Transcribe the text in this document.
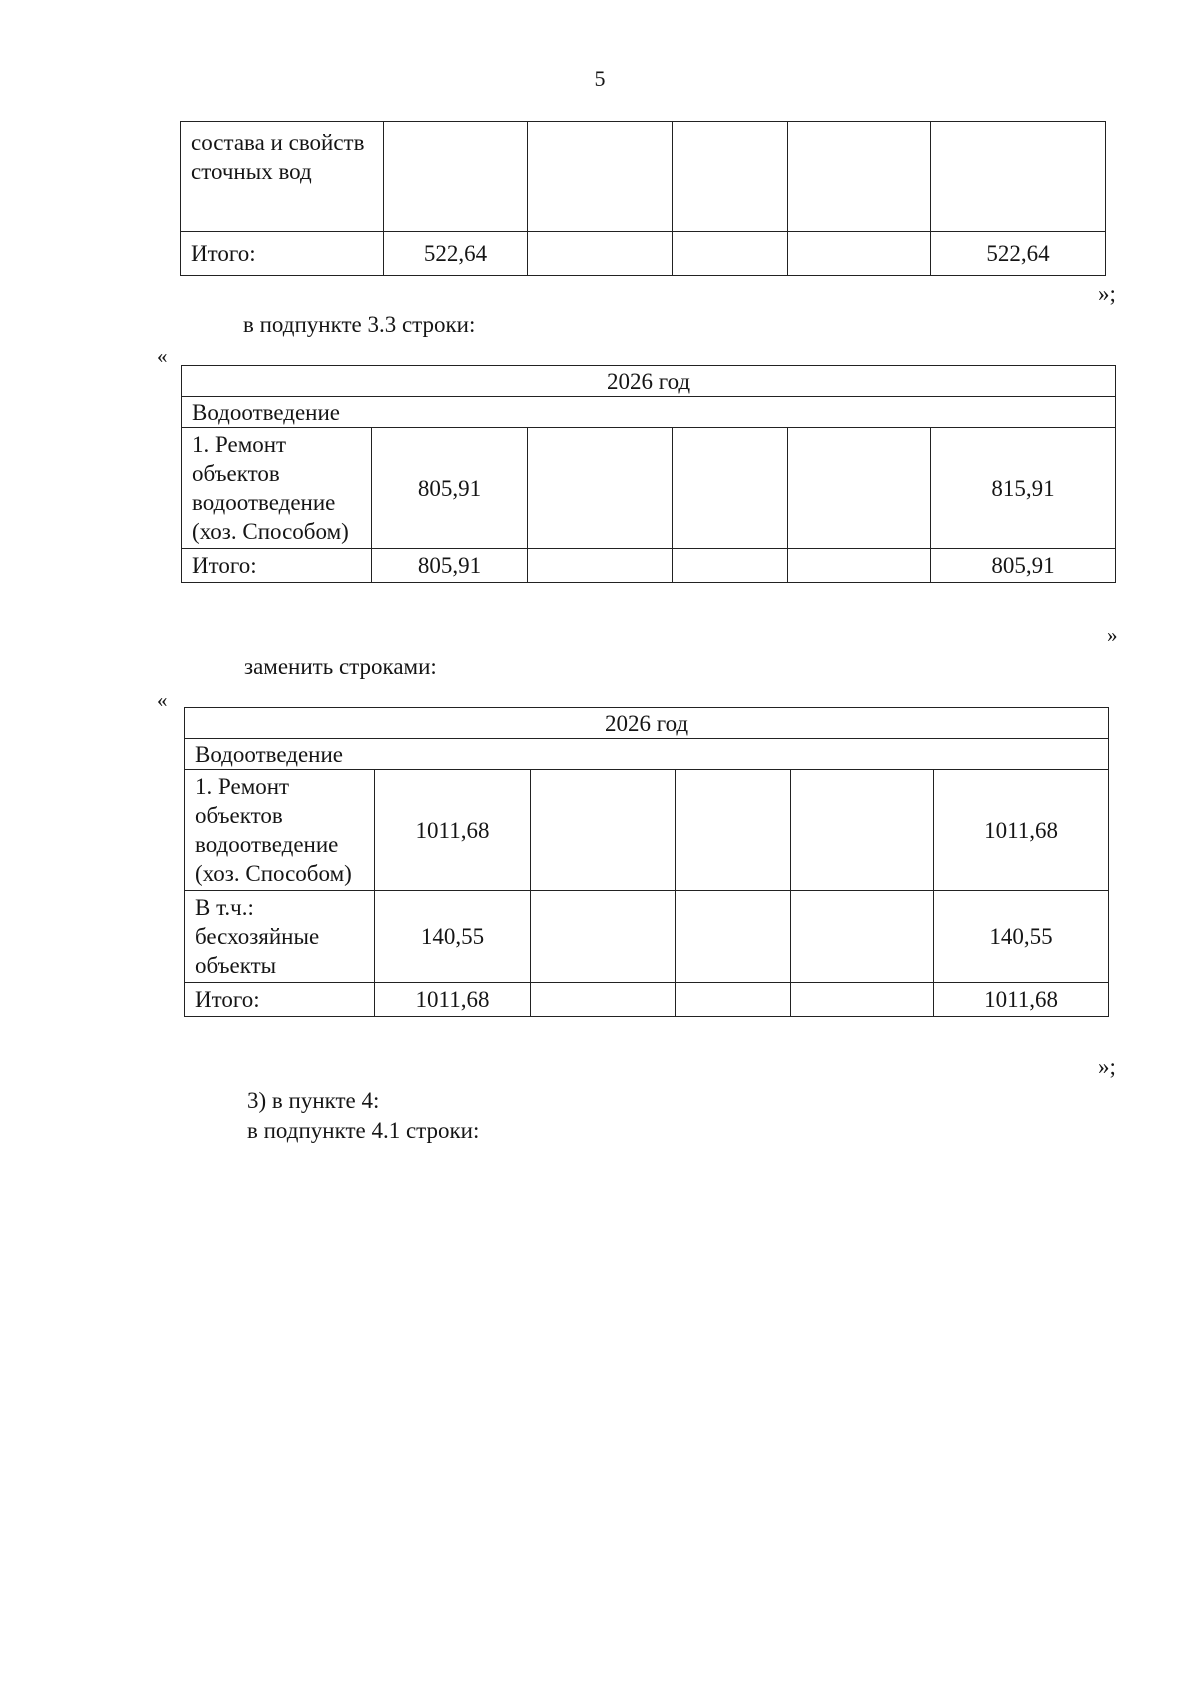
5
состава и свойств сточных вод					
Итого:	522,64				522,64
»;
в подпункте 3.3 строки:
«
2026 год					
Водоотведение					
1. Ремонт объектов водоотведение (хоз. Способом)	805,91				815,91
Итого:	805,91				805,91
»
заменить строками:
«
2026 год					
Водоотведение					
1. Ремонт объектов водоотведение (хоз. Способом)	1011,68				1011,68
В т.ч.: бесхозяйные объекты	140,55				140,55
Итого:	1011,68				1011,68
»;
3) в пункте 4:
в подпункте 4.1 строки:
